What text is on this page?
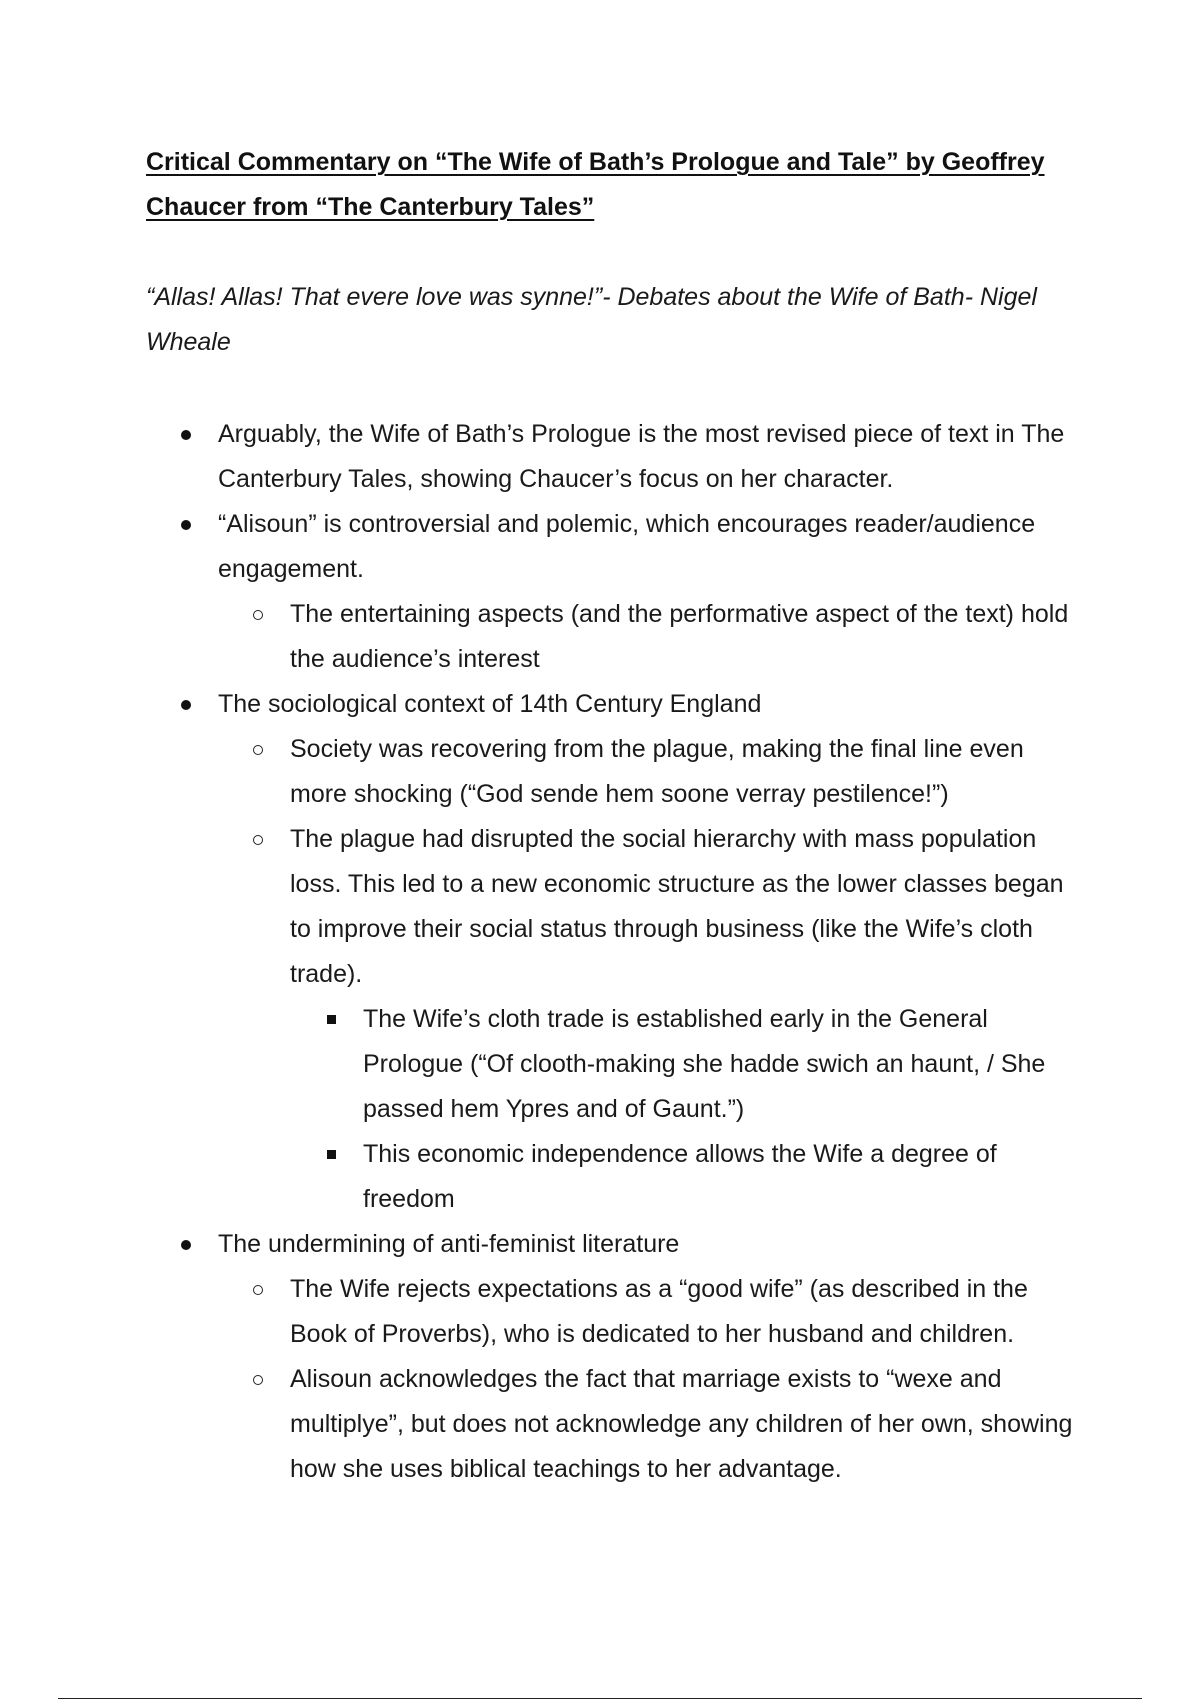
Critical Commentary on “The Wife of Bath’s Prologue and Tale” by Geoffrey Chaucer from “The Canterbury Tales”

“Allas! Allas! That evere love was synne!”- Debates about the Wife of Bath- Nigel Wheale

Arguably, the Wife of Bath’s Prologue is the most revised piece of text in The Canterbury Tales, showing Chaucer’s focus on her character.
“Alisoun” is controversial and polemic, which encourages reader/audience engagement.
The entertaining aspects (and the performative aspect of the text) hold the audience’s interest
The sociological context of 14th Century England
Society was recovering from the plague, making the final line even more shocking (“God sende hem soone verray pestilence!”)
The plague had disrupted the social hierarchy with mass population loss. This led to a new economic structure as the lower classes began to improve their social status through business (like the Wife’s cloth trade).
The Wife’s cloth trade is established early in the General Prologue (“Of clooth-making she hadde swich an haunt, / She passed hem Ypres and of Gaunt.”)
This economic independence allows the Wife a degree of freedom
The undermining of anti-feminist literature
The Wife rejects expectations as a “good wife” (as described in the Book of Proverbs), who is dedicated to her husband and children.
Alisoun acknowledges the fact that marriage exists to “wexe and multiplye”, but does not acknowledge any children of her own, showing how she uses biblical teachings to her advantage.
